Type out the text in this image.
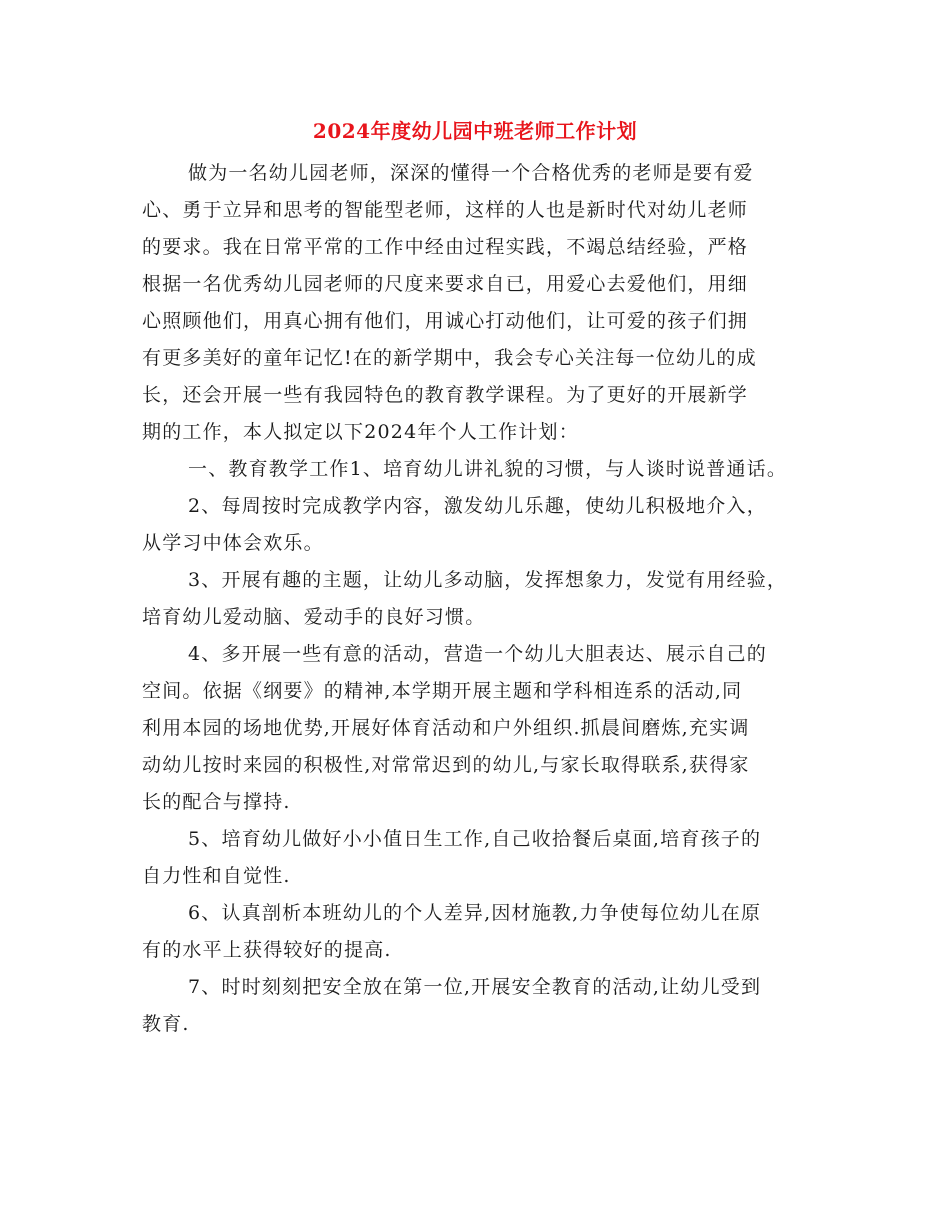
2024年度幼儿园中班老师工作计划
做为一名幼儿园老师，深深的懂得一个合格优秀的老师是要有爱
心、勇于立异和思考的智能型老师，这样的人也是新时代对幼儿老师
的要求。我在日常平常的工作中经由过程实践，不竭总结经验，严格
根据一名优秀幼儿园老师的尺度来要求自已，用爱心去爱他们，用细
心照顾他们，用真心拥有他们，用诚心打动他们，让可爱的孩子们拥
有更多美好的童年记忆!在的新学期中，我会专心关注每一位幼儿的成
长，还会开展一些有我园特色的教育教学课程。为了更好的开展新学
期的工作，本人拟定以下2024年个人工作计划：
一、教育教学工作1、培育幼儿讲礼貌的习惯，与人谈时说普通话。
2、每周按时完成教学内容，激发幼儿乐趣，使幼儿积极地介入，
从学习中体会欢乐。
3、开展有趣的主题，让幼儿多动脑，发挥想象力，发觉有用经验，
培育幼儿爱动脑、爱动手的良好习惯。
4、多开展一些有意的活动，营造一个幼儿大胆表达、展示自己的
空间。依据《纲要》的精神,本学期开展主题和学科相连系的活动,同
利用本园的场地优势,开展好体育活动和户外组织.抓晨间磨炼,充实调
动幼儿按时来园的积极性,对常常迟到的幼儿,与家长取得联系,获得家
长的配合与撑持.
5、培育幼儿做好小小值日生工作,自己收拾餐后桌面,培育孩子的
自力性和自觉性.
6、认真剖析本班幼儿的个人差异,因材施教,力争使每位幼儿在原
有的水平上获得较好的提高.
7、时时刻刻把安全放在第一位,开展安全教育的活动,让幼儿受到
教育.
